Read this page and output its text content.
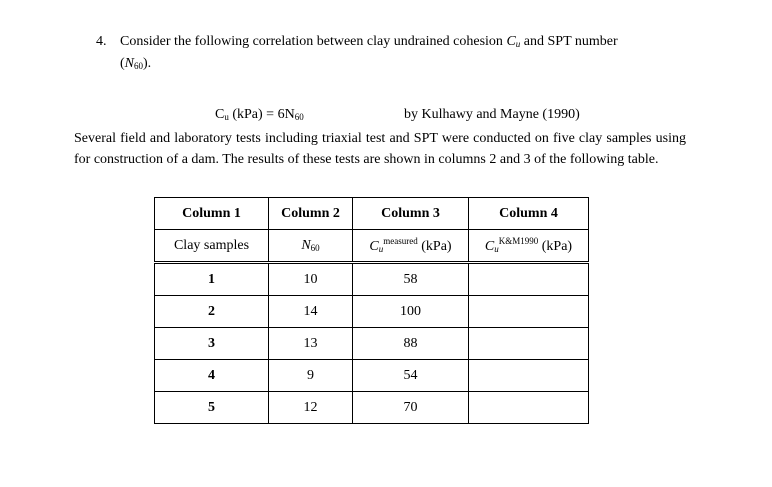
4. Consider the following correlation between clay undrained cohesion $C_u$ and SPT number
$(N_{60})$.
$C_u$ $(kPa) = 6N_{60}$	by Kulhawy and Mayne (1990)
Several field and laboratory tests including triaxial test and SPT were conducted on five clay samples using for construction of a dam. The results of these tests are shown in columns 2 and 3 of the following table.
Column 1	Column 2	Column 3	Column 4
Clay samples	$N_{60}$	$C_u^{measured}$ (kPa)	$C_u^{K\&M1990}$ (kPa)
1	10	58	
2	14	100	
3	13	88	
4	9	54	
5	12	70	
